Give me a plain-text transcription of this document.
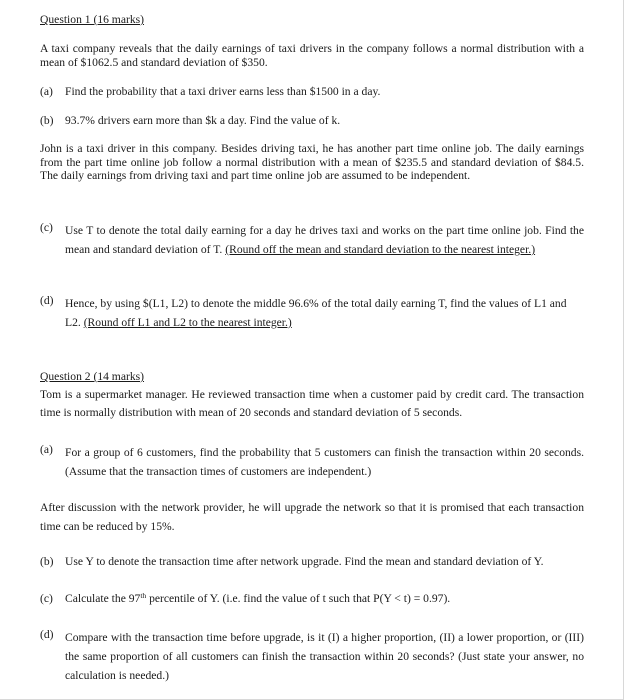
Question 1 (16 marks)

A taxi company reveals that the daily earnings of taxi drivers in the company follows a normal distribution with a mean of $1062.5 and standard deviation of $350.

(a) Find the probability that a taxi driver earns less than $1500 in a day.
(b) 93.7% drivers earn more than $k a day. Find the value of k.

John is a taxi driver in this company. Besides driving taxi, he has another part time online job. The daily earnings from the part time online job follow a normal distribution with a mean of $235.5 and standard deviation of $84.5. The daily earnings from driving taxi and part time online job are assumed to be independent.

(c) Use T to denote the total daily earning for a day he drives taxi and works on the part time online job. Find the mean and standard deviation of T. (Round off the mean and standard deviation to the nearest integer.)
(d) Hence, by using $(L1, L2) to denote the middle 96.6% of the total daily earning T, find the values of L1 and L2. (Round off L1 and L2 to the nearest integer.)

Question 2 (14 marks)

Tom is a supermarket manager. He reviewed transaction time when a customer paid by credit card. The transaction time is normally distribution with mean of 20 seconds and standard deviation of 5 seconds.

(a) For a group of 6 customers, find the probability that 5 customers can finish the transaction within 20 seconds. (Assume that the transaction times of customers are independent.)

After discussion with the network provider, he will upgrade the network so that it is promised that each transaction time can be reduced by 15%.

(b) Use Y to denote the transaction time after network upgrade. Find the mean and standard deviation of Y.
(c) Calculate the 97th percentile of Y. (i.e. find the value of t such that P(Y < t) = 0.97).
(d) Compare with the transaction time before upgrade, is it (I) a higher proportion, (II) a lower proportion, or (III) the same proportion of all customers can finish the transaction within 20 seconds? (Just state your answer, no calculation is needed.)
